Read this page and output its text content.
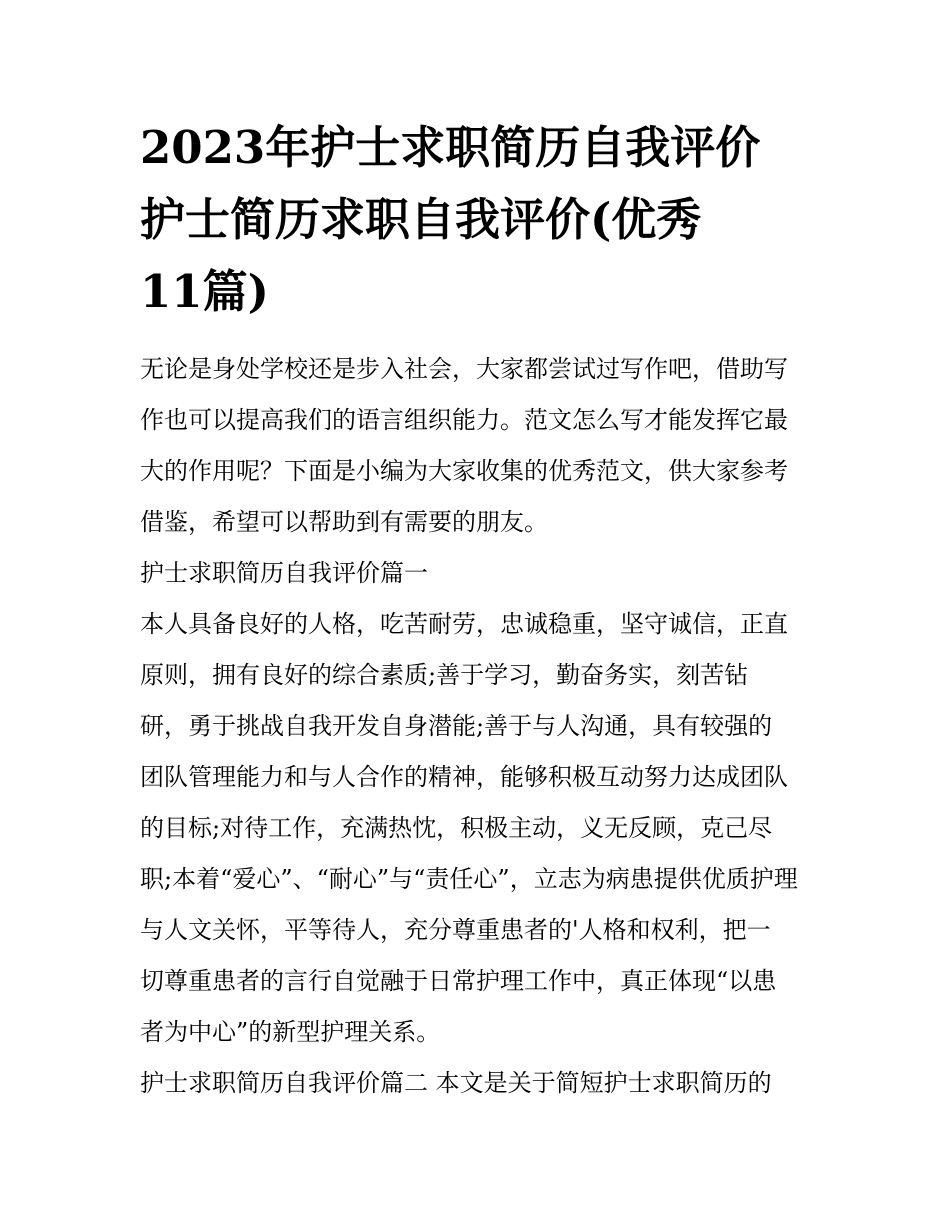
2023年护士求职简历自我评价
护士简历求职自我评价(优秀
11篇)
无论是身处学校还是步入社会，大家都尝试过写作吧，借助写
作也可以提高我们的语言组织能力。范文怎么写才能发挥它最
大的作用呢？下面是小编为大家收集的优秀范文，供大家参考
借鉴，希望可以帮助到有需要的朋友。
护士求职简历自我评价篇一
本人具备良好的人格，吃苦耐劳，忠诚稳重，坚守诚信，正直
原则，拥有良好的综合素质;善于学习，勤奋务实，刻苦钻
研，勇于挑战自我开发自身潜能;善于与人沟通，具有较强的
团队管理能力和与人合作的精神，能够积极互动努力达成团队
的目标;对待工作，充满热忱，积极主动，义无反顾，克己尽
职;本着“爱心”、“耐心”与“责任心”，立志为病患提供优质护理
与人文关怀，平等待人，充分尊重患者的'人格和权利，把一
切尊重患者的言行自觉融于日常护理工作中，真正体现“以患
者为中心”的新型护理关系。
护士求职简历自我评价篇二 本文是关于简短护士求职简历的
